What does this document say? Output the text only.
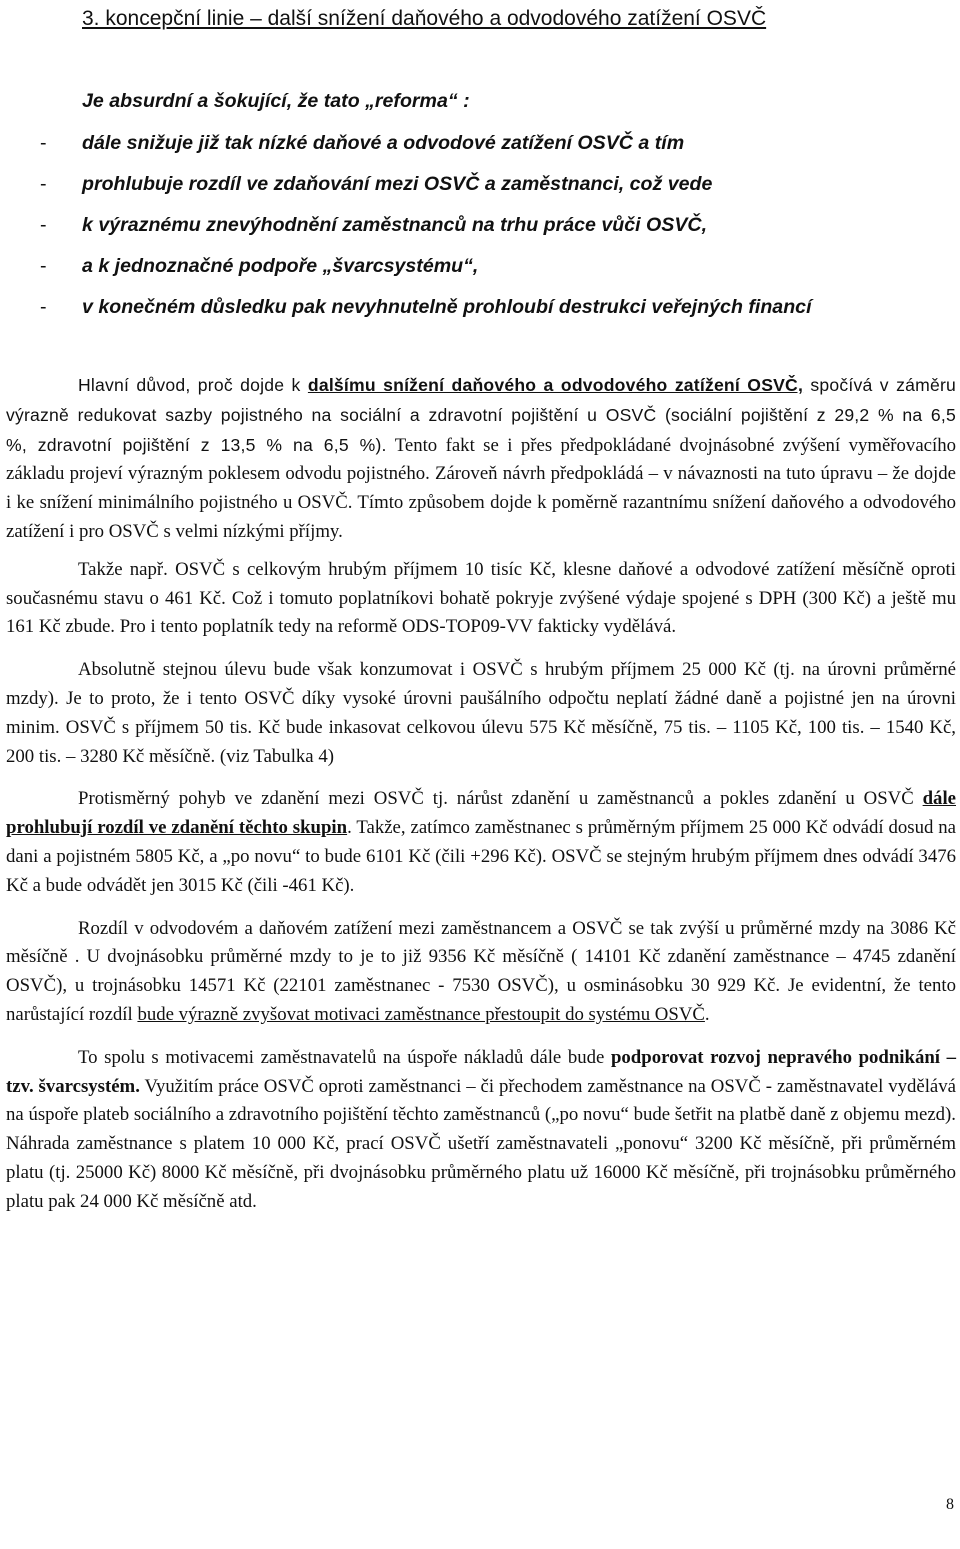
3. koncepční linie – další snížení daňového a odvodového zatížení OSVČ

Je absurdní a šokující, že tato „reforma“ :

- dále snižuje již tak nízké daňové a odvodové zatížení OSVČ a tím
- prohlubuje rozdíl ve zdaňování mezi OSVČ a zaměstnanci, což vede
- k výraznému znevýhodnění zaměstnanců na trhu práce vůči OSVČ,
- a k jednoznačné podpoře „švarcsystému“,
- v konečném důsledku pak nevyhnutelně prohloubí destrukci veřejných financí

Hlavní důvod, proč dojde k dalšímu snížení daňového a odvodového zatížení OSVČ, spočívá v záměru výrazně redukovat sazby pojistného na sociální a zdravotní pojištění u OSVČ (sociální pojištění z 29,2 % na 6,5 %, zdravotní pojištění z 13,5 % na 6,5 %). Tento fakt se i přes předpokládané dvojnásobné zvýšení vyměřovacího základu projeví výrazným poklesem odvodu pojistného. Zároveň návrh předpokládá – v návaznosti na tuto úpravu – že dojde i ke snížení minimálního pojistného u OSVČ. Tímto způsobem dojde k poměrně razantnímu snížení daňového a odvodového zatížení i pro OSVČ s velmi nízkými příjmy.

Takže např. OSVČ s celkovým hrubým příjmem 10 tisíc Kč, klesne daňové a odvodové zatížení měsíčně oproti současnému stavu o 461 Kč. Což i tomuto poplatníkovi bohatě pokryje zvýšené výdaje spojené s DPH (300 Kč) a ještě mu 161 Kč zbude. Pro i tento poplatník tedy na reformě ODS-TOP09-VV fakticky vydělává.

Absolutně stejnou úlevu bude však konzumovat i OSVČ s hrubým příjmem 25 000 Kč (tj. na úrovni průměrné mzdy). Je to proto, že i tento OSVČ díky vysoké úrovni paušálního odpočtu neplatí žádné daně a pojistné jen na úrovni minim. OSVČ s příjmem 50 tis. Kč bude inkasovat celkovou úlevu 575 Kč měsíčně, 75 tis. – 1105 Kč, 100 tis. – 1540 Kč, 200 tis. – 3280 Kč měsíčně. (viz Tabulka 4)

Protisměrný pohyb ve zdanění mezi OSVČ tj. nárůst zdanění u zaměstnanců a pokles zdanění u OSVČ dále prohlubují rozdíl ve zdanění těchto skupin. Takže, zatímco zaměstnanec s průměrným příjmem 25 000 Kč odvádí dosud na dani a pojistném 5805 Kč, a „po novu“ to bude 6101 Kč (čili +296 Kč). OSVČ se stejným hrubým příjmem dnes odvádí 3476 Kč a bude odvádět jen 3015 Kč (čili -461 Kč).

Rozdíl v odvodovém a daňovém zatížení mezi zaměstnancem a OSVČ se tak zvýší u průměrné mzdy na 3086 Kč měsíčně . U dvojnásobku průměrné mzdy to je to již 9356 Kč měsíčně ( 14101 Kč zdanění zaměstnance – 4745 zdanění OSVČ), u trojnásobku 14571 Kč (22101 zaměstnanec - 7530 OSVČ), u osminásobku 30 929 Kč. Je evidentní, že tento narůstající rozdíl bude výrazně zvyšovat motivaci zaměstnance přestoupit do systému OSVČ.

To spolu s motivacemi zaměstnavatelů na úspoře nákladů dále bude podporovat rozvoj nepravého podnikání – tzv. švarcsystém. Využitím práce OSVČ oproti zaměstnanci – či přechodem zaměstnance na OSVČ - zaměstnavatel vydělává na úspoře plateb sociálního a zdravotního pojištění těchto zaměstnanců („po novu“ bude šetřit na platbě daně z objemu mezd). Náhrada zaměstnance s platem 10 000 Kč, prací OSVČ ušetří zaměstnavateli „ponovu“ 3200 Kč měsíčně, při průměrném platu (tj. 25000 Kč) 8000 Kč měsíčně, při dvojnásobku průměrného platu už 16000 Kč měsíčně, při trojnásobku průměrného platu pak 24 000 Kč měsíčně atd.

8
